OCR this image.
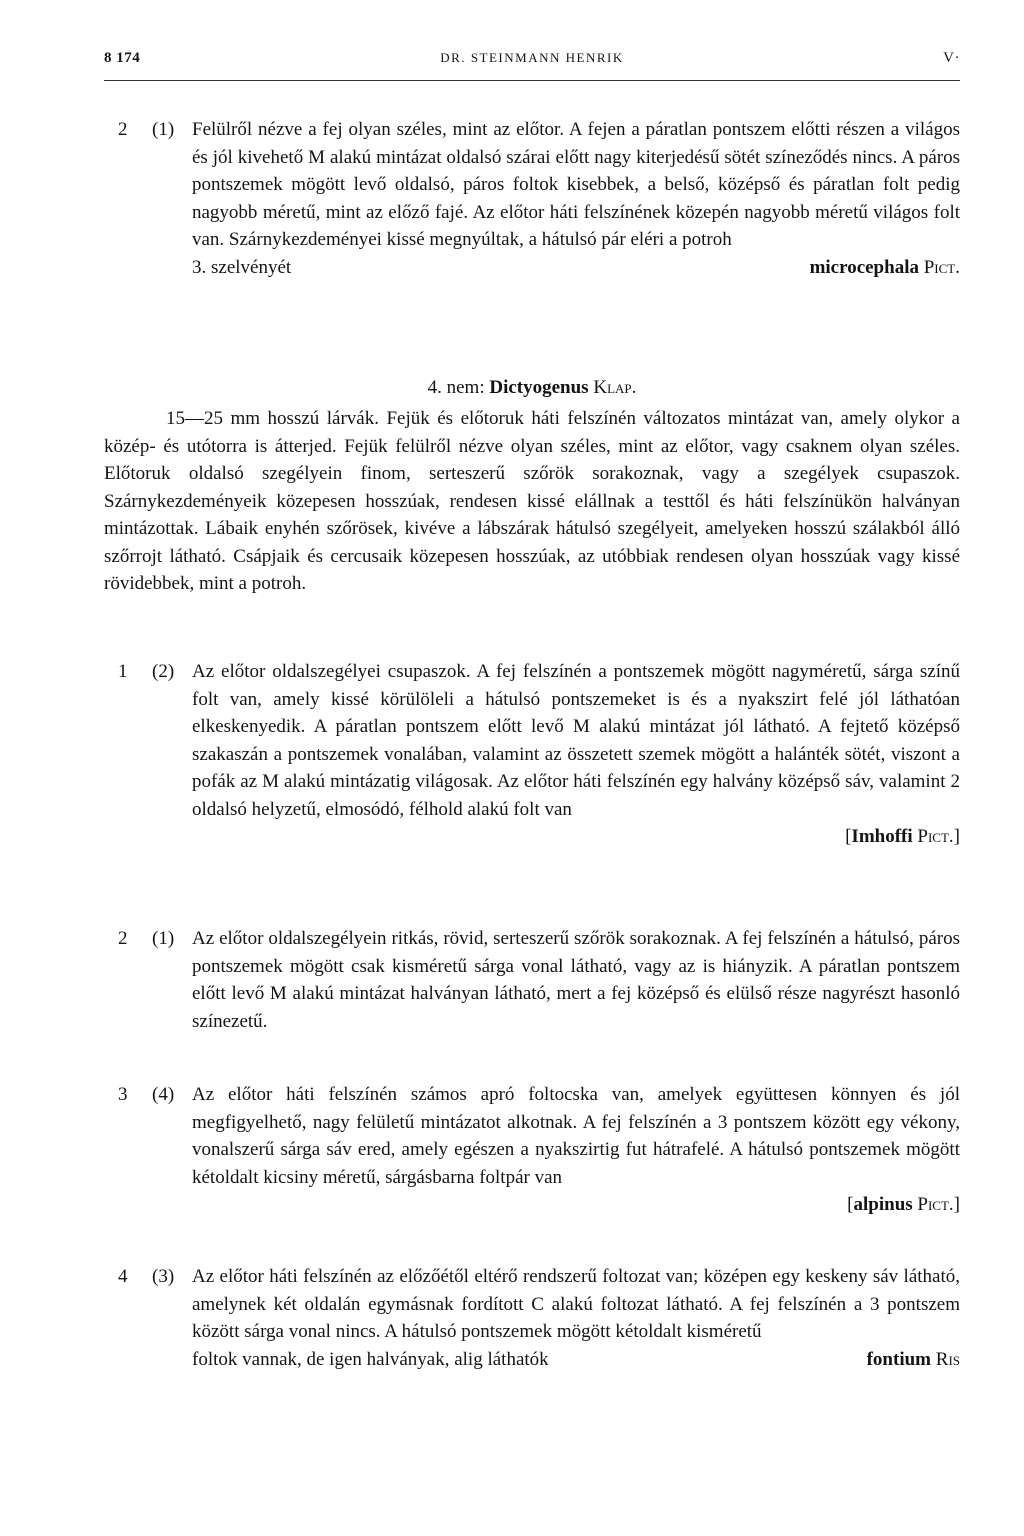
8 174	DR. STEINMANN HENRIK	V·
2 (1) Felülről nézve a fej olyan széles, mint az előtor. A fejen a páratlan pontszem előtti részen a világos és jól kivehető M alakú mintázat oldalsó szárai előtt nagy kiterjedésű sötét színeződés nincs. A páros pontszemek mögött levő oldalsó, páros foltok kisebbek, a belső, középső és páratlan folt pedig nagyobb méretű, mint az előző fajé. Az előtor háti felszínének közepén nagyobb méretű világos folt van. Szárnykezdeményei kissé megnyúltak, a hátulsó pár eléri a potroh

3. szelvényét	microcephala Pict.
4. nem: Dictyogenus Klap.

15—25 mm hosszú lárvák. Fejük és előtoruk háti felszínén változatos mintázat van, amely olykor a közép- és utótorra is átterjed. Fejük felülről nézve olyan széles, mint az előtor, vagy csaknem olyan széles. Előtoruk oldalsó szegélyein finom, serteszerű szőrök sorakoznak, vagy a szegélyek csupaszok. Szárnykezdeményeik közepesen hosszúak, rendesen kissé elállnak a testtől és háti felszínükön halványan mintázottak. Lábaik enyhén szőrösek, kivéve a lábszárak hátulsó szegélyeit, amelyeken hosszú szálakból álló szőrrojt látható. Csápjaik és cercusaik közepesen hosszúak, az utóbbiak rendesen olyan hosszúak vagy kissé rövidebbek, mint a potroh.

1 (2) Az előtor oldalszegélyei csupaszok. A fej felszínén a pontszemek mögött nagyméretű, sárga színű folt van, amely kissé körülöleli a hátulsó pontszemeket is és a nyakszirt felé jól láthatóan elkeskenyedik. A páratlan pontszem előtt levő M alakú mintázat jól látható. A fejtető középső szakaszán a pontszemek vonalában, valamint az összetett szemek mögött a halánték sötét, viszont a pofák az M alakú mintázatig világosak. Az előtor háti felszínén egy halvány középső sáv, valamint 2 oldalsó helyzetű, elmosódó, félhold alakú folt van

[Imhoffi Pict.]
2 (1) Az előtor oldalszegélyein ritkás, rövid, serteszerű szőrök sorakoznak. A fej felszínén a hátulsó, páros pontszemek mögött csak kisméretű sárga vonal látható, vagy az is hiányzik. A páratlan pontszem előtt levő M alakú mintázat halványan látható, mert a fej középső és elülső része nagyrészt hasonló színezetű.

3 (4) Az előtor háti felszínén számos apró foltocska van, amelyek együttesen könnyen és jól megfigyelhető, nagy felületű mintázatot alkotnak. A fej felszínén a 3 pontszem között egy vékony, vonalszerű sárga sáv ered, amely egészen a nyakszirtig fut hátrafelé. A hátulsó pontszemek mögött kétoldalt kicsiny méretű, sárgásbarna foltpár van

[alpinus Pict.]
4 (3) Az előtor háti felszínén az előzőétől eltérő rendszerű foltozat van; középen egy keskeny sáv látható, amelynek két oldalán egymásnak fordított C alakú foltozat látható. A fej felszínén a 3 pontszem között sárga vonal nincs. A hátulsó pontszemek mögött kétoldalt kisméretű

foltok vannak, de igen halványak, alig láthatók	fontium Ris
